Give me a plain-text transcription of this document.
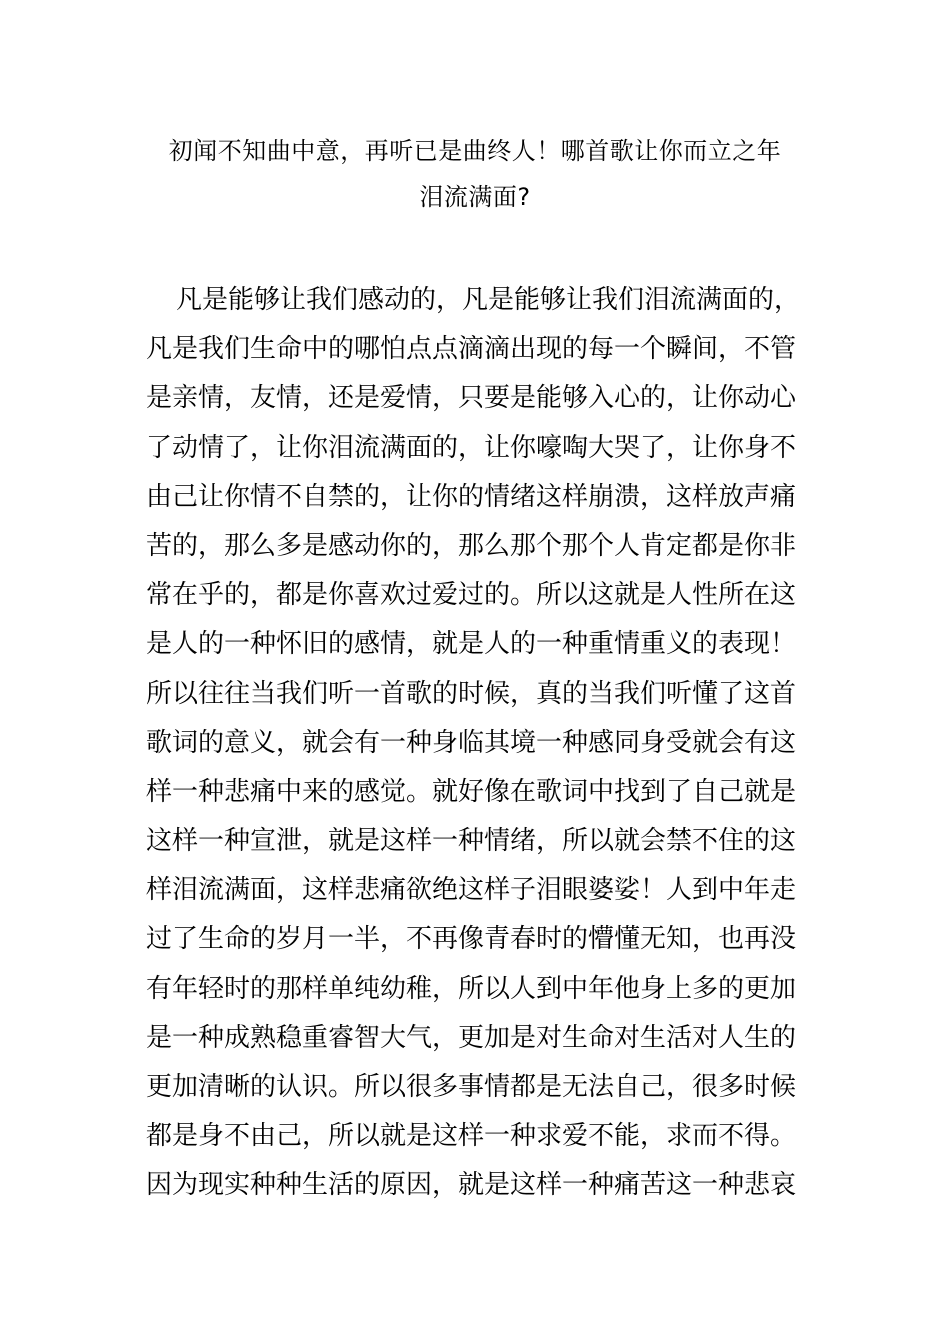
初闻不知曲中意，再听已是曲终人！哪首歌让你而立之年
泪流满面?
凡是能够让我们感动的，凡是能够让我们泪流满面的，
凡是我们生命中的哪怕点点滴滴出现的每一个瞬间，不管
是亲情，友情，还是爱情，只要是能够入心的，让你动心
了动情了，让你泪流满面的，让你嚎啕大哭了，让你身不
由己让你情不自禁的，让你的情绪这样崩溃，这样放声痛
苦的，那么多是感动你的，那么那个那个人肯定都是你非
常在乎的，都是你喜欢过爱过的。所以这就是人性所在这
是人的一种怀旧的感情，就是人的一种重情重义的表现！
所以往往当我们听一首歌的时候，真的当我们听懂了这首
歌词的意义，就会有一种身临其境一种感同身受就会有这
样一种悲痛中来的感觉。就好像在歌词中找到了自己就是
这样一种宣泄，就是这样一种情绪，所以就会禁不住的这
样泪流满面，这样悲痛欲绝这样子泪眼婆娑！人到中年走
过了生命的岁月一半，不再像青春时的懵懂无知，也再没
有年轻时的那样单纯幼稚，所以人到中年他身上多的更加
是一种成熟稳重睿智大气，更加是对生命对生活对人生的
更加清晰的认识。所以很多事情都是无法自己，很多时候
都是身不由己，所以就是这样一种求爱不能，求而不得。
因为现实种种生活的原因，就是这样一种痛苦这一种悲哀
